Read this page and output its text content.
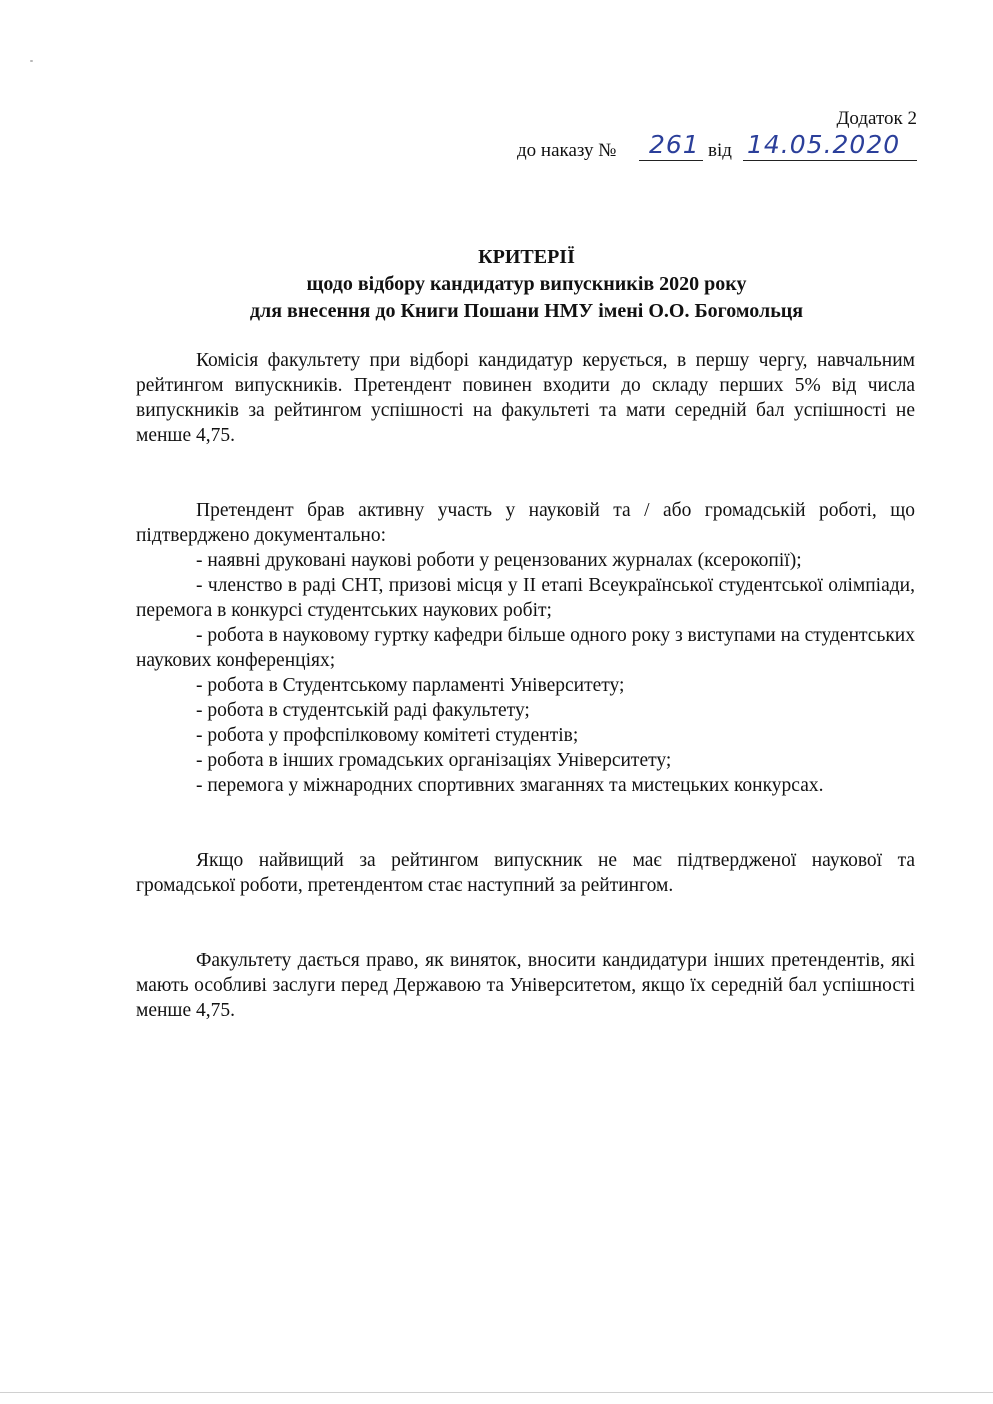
Додаток 2
до наказу № 261 від 14.05.2020
КРИТЕРІЇ
щодо відбору кандидатур випускників 2020 року
для внесення до Книги Пошани НМУ імені О.О. Богомольця

Комісія факультету при відборі кандидатур керується, в першу чергу, навчальним рейтингом випускників. Претендент повинен входити до складу перших 5% від числа випускників за рейтингом успішності на факультеті та мати середній бал успішності не менше 4,75.

Претендент брав активну участь у науковій та / або громадській роботі, що підтверджено документально:

- наявні друковані наукові роботи у рецензованих журналах (ксерокопії);

- членство в раді СНТ, призові місця у ІІ етапі Всеукраїнської студентської олімпіади, перемога в конкурсі студентських наукових робіт;

- робота в науковому гуртку кафедри більше одного року з виступами на студентських наукових конференціях;

- робота в Студентському парламенті Університету;

- робота в студентській раді факультету;

- робота у профспілковому комітеті студентів;

- робота в інших громадських організаціях Університету;

- перемога у міжнародних спортивних змаганнях та мистецьких конкурсах.

Якщо найвищий за рейтингом випускник не має підтвердженої наукової та громадської роботи, претендентом стає наступний за рейтингом.

Факультету дається право, як виняток, вносити кандидатури інших претендентів, які мають особливі заслуги перед Державою та Університетом, якщо їх середній бал успішності менше 4,75.
